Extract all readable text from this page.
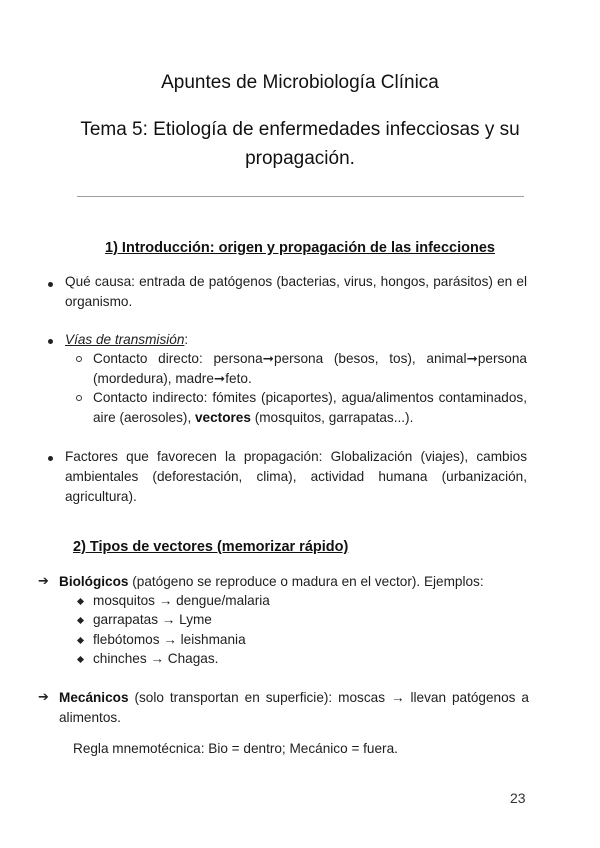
Apuntes de Microbiología Clínica
Tema 5: Etiología de enfermedades infecciosas y su propagación.
1) Introducción: origen y propagación de las infecciones
Qué causa: entrada de patógenos (bacterias, virus, hongos, parásitos) en el organismo.
Vías de transmisión:
Contacto directo: persona➞persona (besos, tos), animal➞persona (mordedura), madre➞feto.
Contacto indirecto: fómites (picaportes), agua/alimentos contaminados, aire (aerosoles), vectores (mosquitos, garrapatas...).
Factores que favorecen la propagación: Globalización (viajes), cambios ambientales (deforestación, clima), actividad humana (urbanización, agricultura).
2) Tipos de vectores (memorizar rápido)
➔ Biológicos (patógeno se reproduce o madura en el vector). Ejemplos:
mosquitos → dengue/malaria
garrapatas → Lyme
flebótomos → leishmania
chinches → Chagas.
➔ Mecánicos (solo transportan en superficie): moscas → llevan patógenos a alimentos.
Regla mnemotécnica: Bio = dentro; Mecánico = fuera.
23
